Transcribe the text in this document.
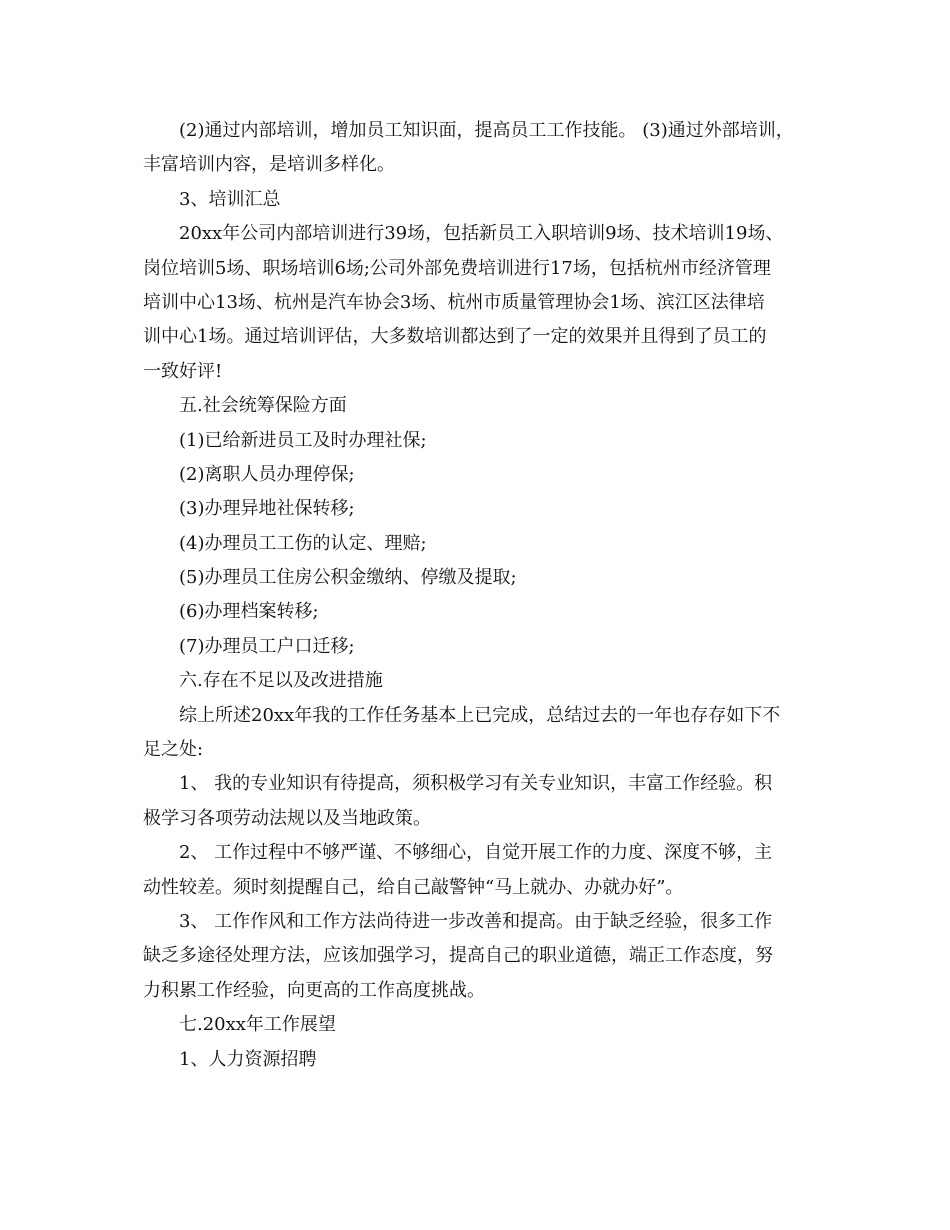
(2)通过内部培训，增加员工知识面，提高员工工作技能。 (3)通过外部培训，
丰富培训内容，是培训多样化。
3、培训汇总
20xx年公司内部培训进行39场，包括新员工入职培训9场、技术培训19场、
岗位培训5场、职场培训6场;公司外部免费培训进行17场，包括杭州市经济管理
培训中心13场、杭州是汽车协会3场、杭州市质量管理协会1场、滨江区法律培
训中心1场。通过培训评估，大多数培训都达到了一定的效果并且得到了员工的
一致好评!
五.社会统筹保险方面
(1)已给新进员工及时办理社保;
(2)离职人员办理停保;
(3)办理异地社保转移;
(4)办理员工工伤的认定、理赔;
(5)办理员工住房公积金缴纳、停缴及提取;
(6)办理档案转移;
(7)办理员工户口迁移;
六.存在不足以及改进措施
综上所述20xx年我的工作任务基本上已完成，总结过去的一年也存存如下不
足之处:
1、 我的专业知识有待提高，须积极学习有关专业知识，丰富工作经验。积
极学习各项劳动法规以及当地政策。
2、 工作过程中不够严谨、不够细心，自觉开展工作的力度、深度不够，主
动性较差。须时刻提醒自己，给自己敲警钟“马上就办、办就办好”。
3、 工作作风和工作方法尚待进一步改善和提高。由于缺乏经验，很多工作
缺乏多途径处理方法，应该加强学习，提高自己的职业道德，端正工作态度，努
力积累工作经验，向更高的工作高度挑战。
七.20xx年工作展望
1、人力资源招聘
